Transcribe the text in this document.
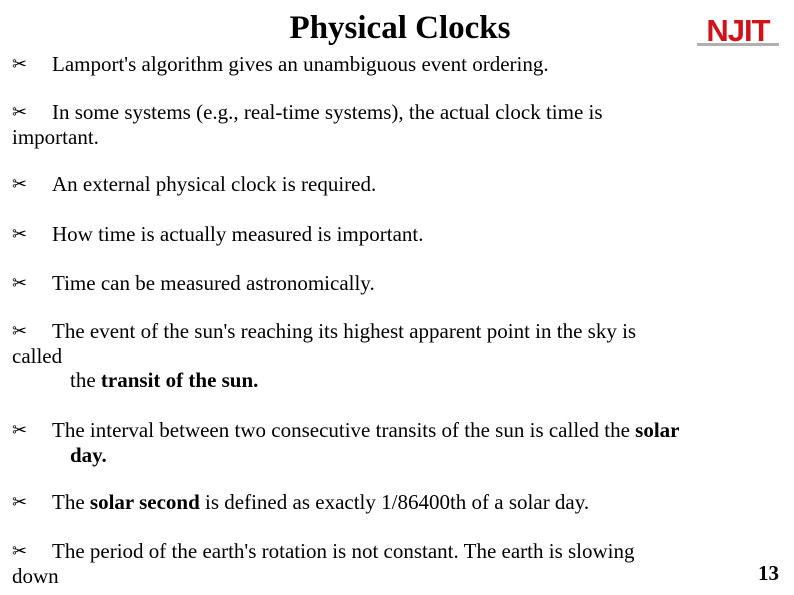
Physical Clocks	NJIT
✂ Lamport's algorithm gives an unambiguous event ordering.
✂ In some systems (e.g., real-time systems), the actual clock time is
important.
✂ An external physical clock is required.
✂ How time is actually measured is important.
✂ Time can be measured astronomically.
✂ The event of the sun's reaching its highest apparent point in the sky is
called
the transit of the sun.
✂ The interval between two consecutive transits of the sun is called the solar
day.
✂ The solar second is defined as exactly 1/86400th of a solar day.
✂ The period of the earth's rotation is not constant. The earth is slowing
down	13
